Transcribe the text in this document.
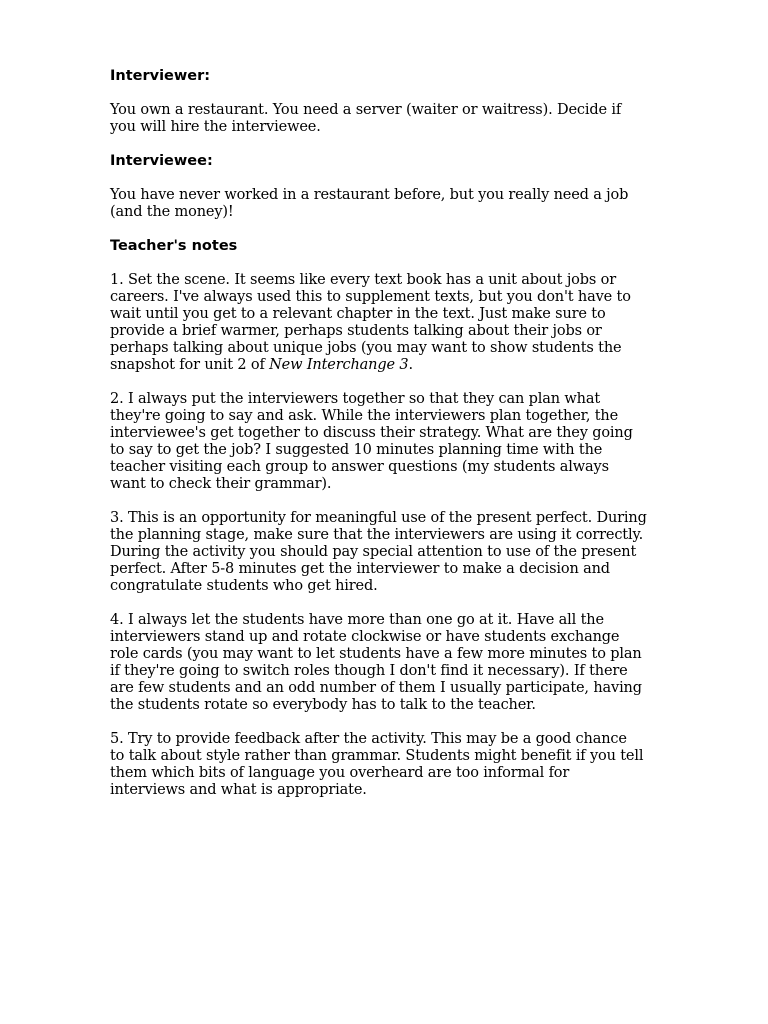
Interviewer:
You own a restaurant. You need a server (waiter or waitress). Decide if
you will hire the interviewee.
Interviewee:
You have never worked in a restaurant before, but you really need a job
(and the money)!
Teacher's notes
1. Set the scene. It seems like every text book has a unit about jobs or
careers. I've always used this to supplement texts, but you don't have to
wait until you get to a relevant chapter in the text. Just make sure to
provide a brief warmer, perhaps students talking about their jobs or
perhaps talking about unique jobs (you may want to show students the
snapshot for unit 2 of New Interchange 3.
2. I always put the interviewers together so that they can plan what
they're going to say and ask. While the interviewers plan together, the
interviewee's get together to discuss their strategy. What are they going
to say to get the job? I suggested 10 minutes planning time with the
teacher visiting each group to answer questions (my students always
want to check their grammar).
3. This is an opportunity for meaningful use of the present perfect. During
the planning stage, make sure that the interviewers are using it correctly.
During the activity you should pay special attention to use of the present
perfect. After 5-8 minutes get the interviewer to make a decision and
congratulate students who get hired.
4. I always let the students have more than one go at it. Have all the
interviewers stand up and rotate clockwise or have students exchange
role cards (you may want to let students have a few more minutes to plan
if they're going to switch roles though I don't find it necessary). If there
are few students and an odd number of them I usually participate, having
the students rotate so everybody has to talk to the teacher.
5. Try to provide feedback after the activity. This may be a good chance
to talk about style rather than grammar. Students might benefit if you tell
them which bits of language you overheard are too informal for
interviews and what is appropriate.
